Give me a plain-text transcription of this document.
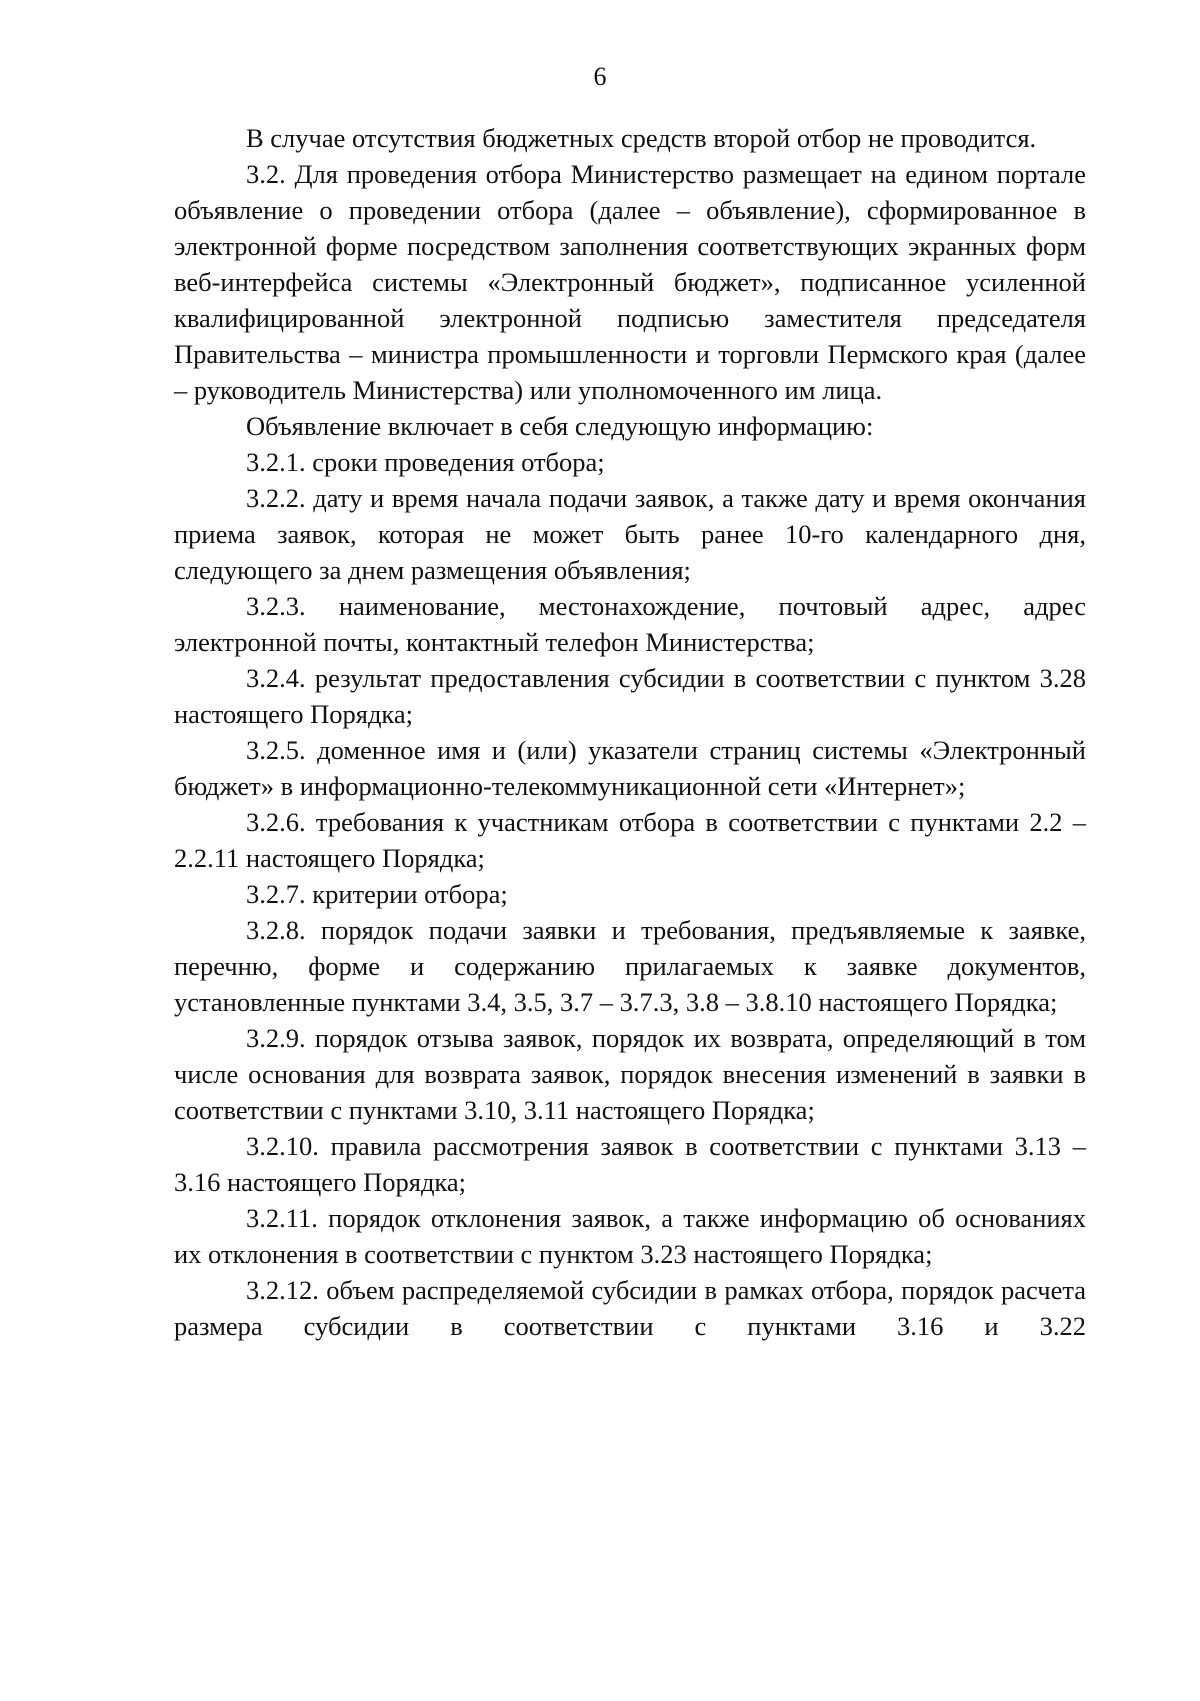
6

В случае отсутствия бюджетных средств второй отбор не проводится.

3.2. Для проведения отбора Министерство размещает на едином портале объявление о проведении отбора (далее – объявление), сформированное в электронной форме посредством заполнения соответствующих экранных форм веб-интерфейса системы «Электронный бюджет», подписанное усиленной квалифицированной электронной подписью заместителя председателя Правительства – министра промышленности и торговли Пермского края (далее – руководитель Министерства) или уполномоченного им лица.

Объявление включает в себя следующую информацию:

3.2.1. сроки проведения отбора;

3.2.2. дату и время начала подачи заявок, а также дату и время окончания приема заявок, которая не может быть ранее 10-го календарного дня, следующего за днем размещения объявления;

3.2.3. наименование, местонахождение, почтовый адрес, адрес электронной почты, контактный телефон Министерства;

3.2.4. результат предоставления субсидии в соответствии с пунктом 3.28 настоящего Порядка;

3.2.5. доменное имя и (или) указатели страниц системы «Электронный бюджет» в информационно-телекоммуникационной сети «Интернет»;

3.2.6. требования к участникам отбора в соответствии с пунктами 2.2 – 2.2.11 настоящего Порядка;

3.2.7. критерии отбора;

3.2.8. порядок подачи заявки и требования, предъявляемые к заявке, перечню, форме и содержанию прилагаемых к заявке документов, установленные пунктами 3.4, 3.5, 3.7 – 3.7.3, 3.8 – 3.8.10 настоящего Порядка;

3.2.9. порядок отзыва заявок, порядок их возврата, определяющий в том числе основания для возврата заявок, порядок внесения изменений в заявки в соответствии с пунктами 3.10, 3.11 настоящего Порядка;

3.2.10. правила рассмотрения заявок в соответствии с пунктами 3.13 – 3.16 настоящего Порядка;

3.2.11. порядок отклонения заявок, а также информацию об основаниях их отклонения в соответствии с пунктом 3.23 настоящего Порядка;

3.2.12. объем распределяемой субсидии в рамках отбора, порядок расчета размера субсидии в соответствии с пунктами 3.16 и 3.22
